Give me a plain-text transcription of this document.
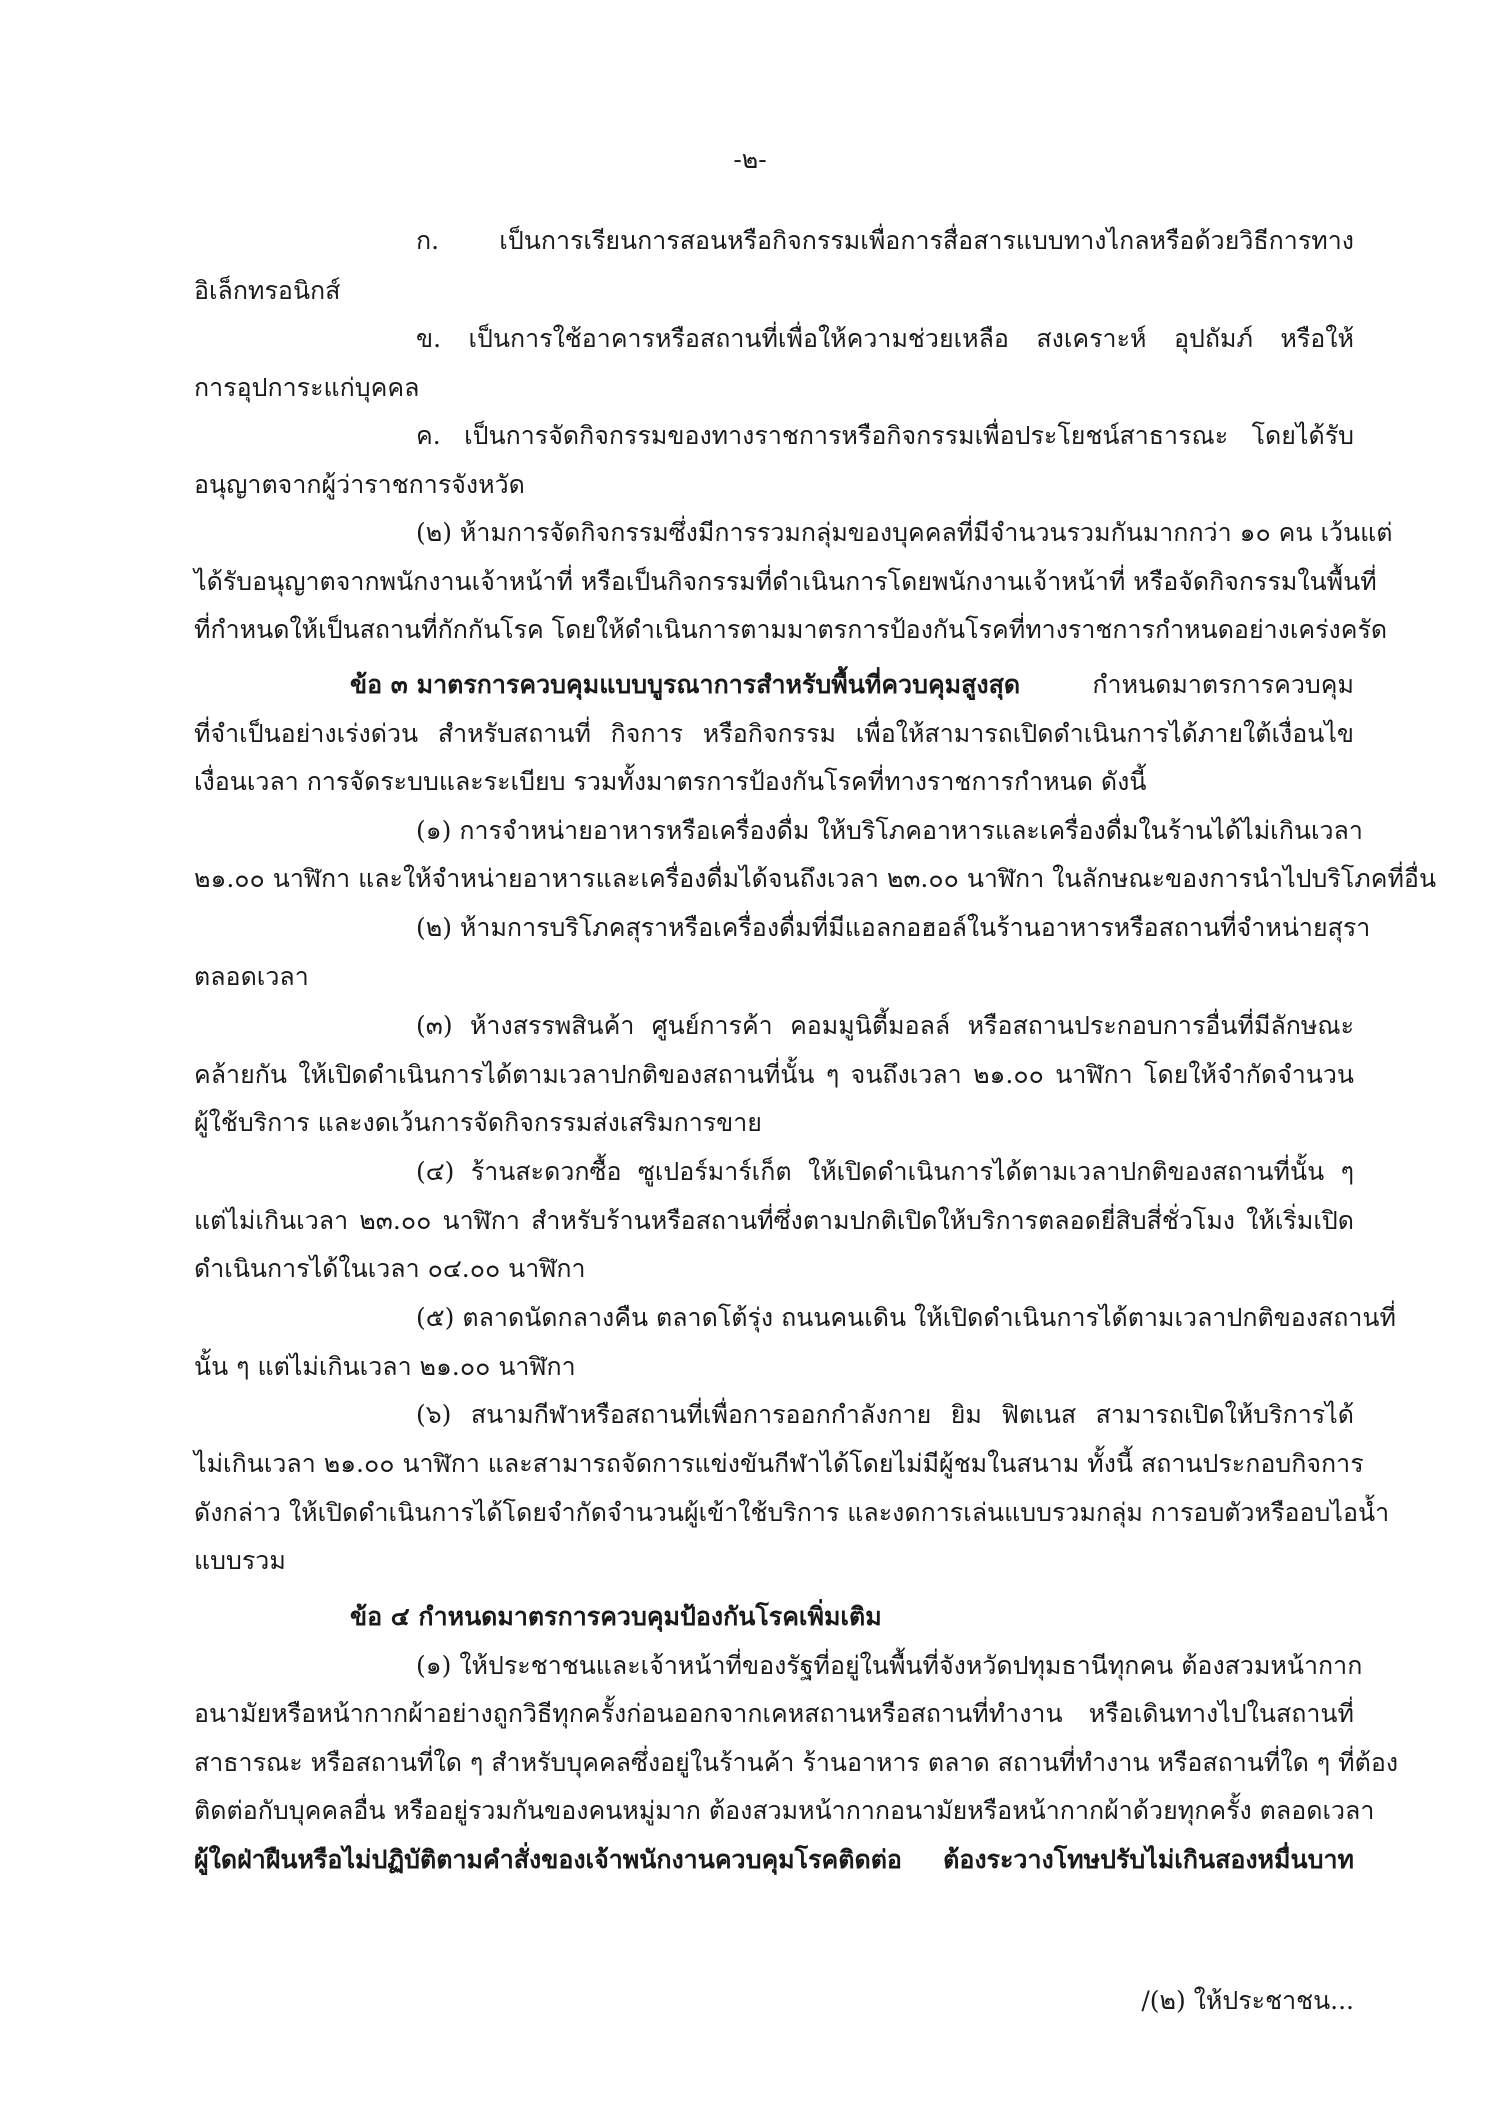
-๒-
ก. เป็นการเรียนการสอนหรือกิจกรรมเพื่อการสื่อสารแบบทางไกลหรือด้วยวิธีการทาง
อิเล็กทรอนิกส์
ข. เป็นการใช้อาคารหรือสถานที่เพื่อให้ความช่วยเหลือ สงเคราะห์ อุปถัมภ์ หรือให้
การอุปการะแก่บุคคล
ค. เป็นการจัดกิจกรรมของทางราชการหรือกิจกรรมเพื่อประโยชน์สาธารณะ โดยได้รับ
อนุญาตจากผู้ว่าราชการจังหวัด
(๒) ห้ามการจัดกิจกรรมซึ่งมีการรวมกลุ่มของบุคคลที่มีจำนวนรวมกันมากกว่า ๑๐ คน เว้นแต่
ได้รับอนุญาตจากพนักงานเจ้าหน้าที่ หรือเป็นกิจกรรมที่ดำเนินการโดยพนักงานเจ้าหน้าที่ หรือจัดกิจกรรมในพื้นที่
ที่กำหนดให้เป็นสถานที่กักกันโรค โดยให้ดำเนินการตามมาตรการป้องกันโรคที่ทางราชการกำหนดอย่างเคร่งครัด
ข้อ ๓ มาตรการควบคุมแบบบูรณาการสำหรับพื้นที่ควบคุมสูงสุด กำหนดมาตรการควบคุม
ที่จำเป็นอย่างเร่งด่วน สำหรับสถานที่ กิจการ หรือกิจกรรม เพื่อให้สามารถเปิดดำเนินการได้ภายใต้เงื่อนไข
เงื่อนเวลา การจัดระบบและระเบียบ รวมทั้งมาตรการป้องกันโรคที่ทางราชการกำหนด ดังนี้
(๑) การจำหน่ายอาหารหรือเครื่องดื่ม ให้บริโภคอาหารและเครื่องดื่มในร้านได้ไม่เกินเวลา
๒๑.๐๐ นาฬิกา และให้จำหน่ายอาหารและเครื่องดื่มได้จนถึงเวลา ๒๓.๐๐ นาฬิกา ในลักษณะของการนำไปบริโภคที่อื่น
(๒) ห้ามการบริโภคสุราหรือเครื่องดื่มที่มีแอลกอฮอล์ในร้านอาหารหรือสถานที่จำหน่ายสุรา
ตลอดเวลา
(๓) ห้างสรรพสินค้า ศูนย์การค้า คอมมูนิตี้มอลล์ หรือสถานประกอบการอื่นที่มีลักษณะ
คล้ายกัน ให้เปิดดำเนินการได้ตามเวลาปกติของสถานที่นั้น ๆ จนถึงเวลา ๒๑.๐๐ นาฬิกา โดยให้จำกัดจำนวน
ผู้ใช้บริการ และงดเว้นการจัดกิจกรรมส่งเสริมการขาย
(๔) ร้านสะดวกซื้อ ซูเปอร์มาร์เก็ต ให้เปิดดำเนินการได้ตามเวลาปกติของสถานที่นั้น ๆ
แต่ไม่เกินเวลา ๒๓.๐๐ นาฬิกา สำหรับร้านหรือสถานที่ซึ่งตามปกติเปิดให้บริการตลอดยี่สิบสี่ชั่วโมง ให้เริ่มเปิด
ดำเนินการได้ในเวลา ๐๔.๐๐ นาฬิกา
(๕) ตลาดนัดกลางคืน ตลาดโต้รุ่ง ถนนคนเดิน ให้เปิดดำเนินการได้ตามเวลาปกติของสถานที่
นั้น ๆ แต่ไม่เกินเวลา ๒๑.๐๐ นาฬิกา
(๖) สนามกีฬาหรือสถานที่เพื่อการออกกำลังกาย ยิม ฟิตเนส สามารถเปิดให้บริการได้
ไม่เกินเวลา ๒๑.๐๐ นาฬิกา และสามารถจัดการแข่งขันกีฬาได้โดยไม่มีผู้ชมในสนาม ทั้งนี้ สถานประกอบกิจการ
ดังกล่าว ให้เปิดดำเนินการได้โดยจำกัดจำนวนผู้เข้าใช้บริการ และงดการเล่นแบบรวมกลุ่ม การอบตัวหรืออบไอน้ำ
แบบรวม
ข้อ ๔ กำหนดมาตรการควบคุมป้องกันโรคเพิ่มเติม
(๑) ให้ประชาชนและเจ้าหน้าที่ของรัฐที่อยู่ในพื้นที่จังหวัดปทุมธานีทุกคน ต้องสวมหน้ากาก
อนามัยหรือหน้ากากผ้าอย่างถูกวิธีทุกครั้งก่อนออกจากเคหสถานหรือสถานที่ทำงาน หรือเดินทางไปในสถานที่
สาธารณะ หรือสถานที่ใด ๆ สำหรับบุคคลซึ่งอยู่ในร้านค้า ร้านอาหาร ตลาด สถานที่ทำงาน หรือสถานที่ใด ๆ ที่ต้อง
ติดต่อกับบุคคลอื่น หรืออยู่รวมกันของคนหมู่มาก ต้องสวมหน้ากากอนามัยหรือหน้ากากผ้าด้วยทุกครั้ง ตลอดเวลา
ผู้ใดฝ่าฝืนหรือไม่ปฏิบัติตามคำสั่งของเจ้าพนักงานควบคุมโรคติดต่อ ต้องระวางโทษปรับไม่เกินสองหมื่นบาท
/(๒) ให้ประชาชน...
